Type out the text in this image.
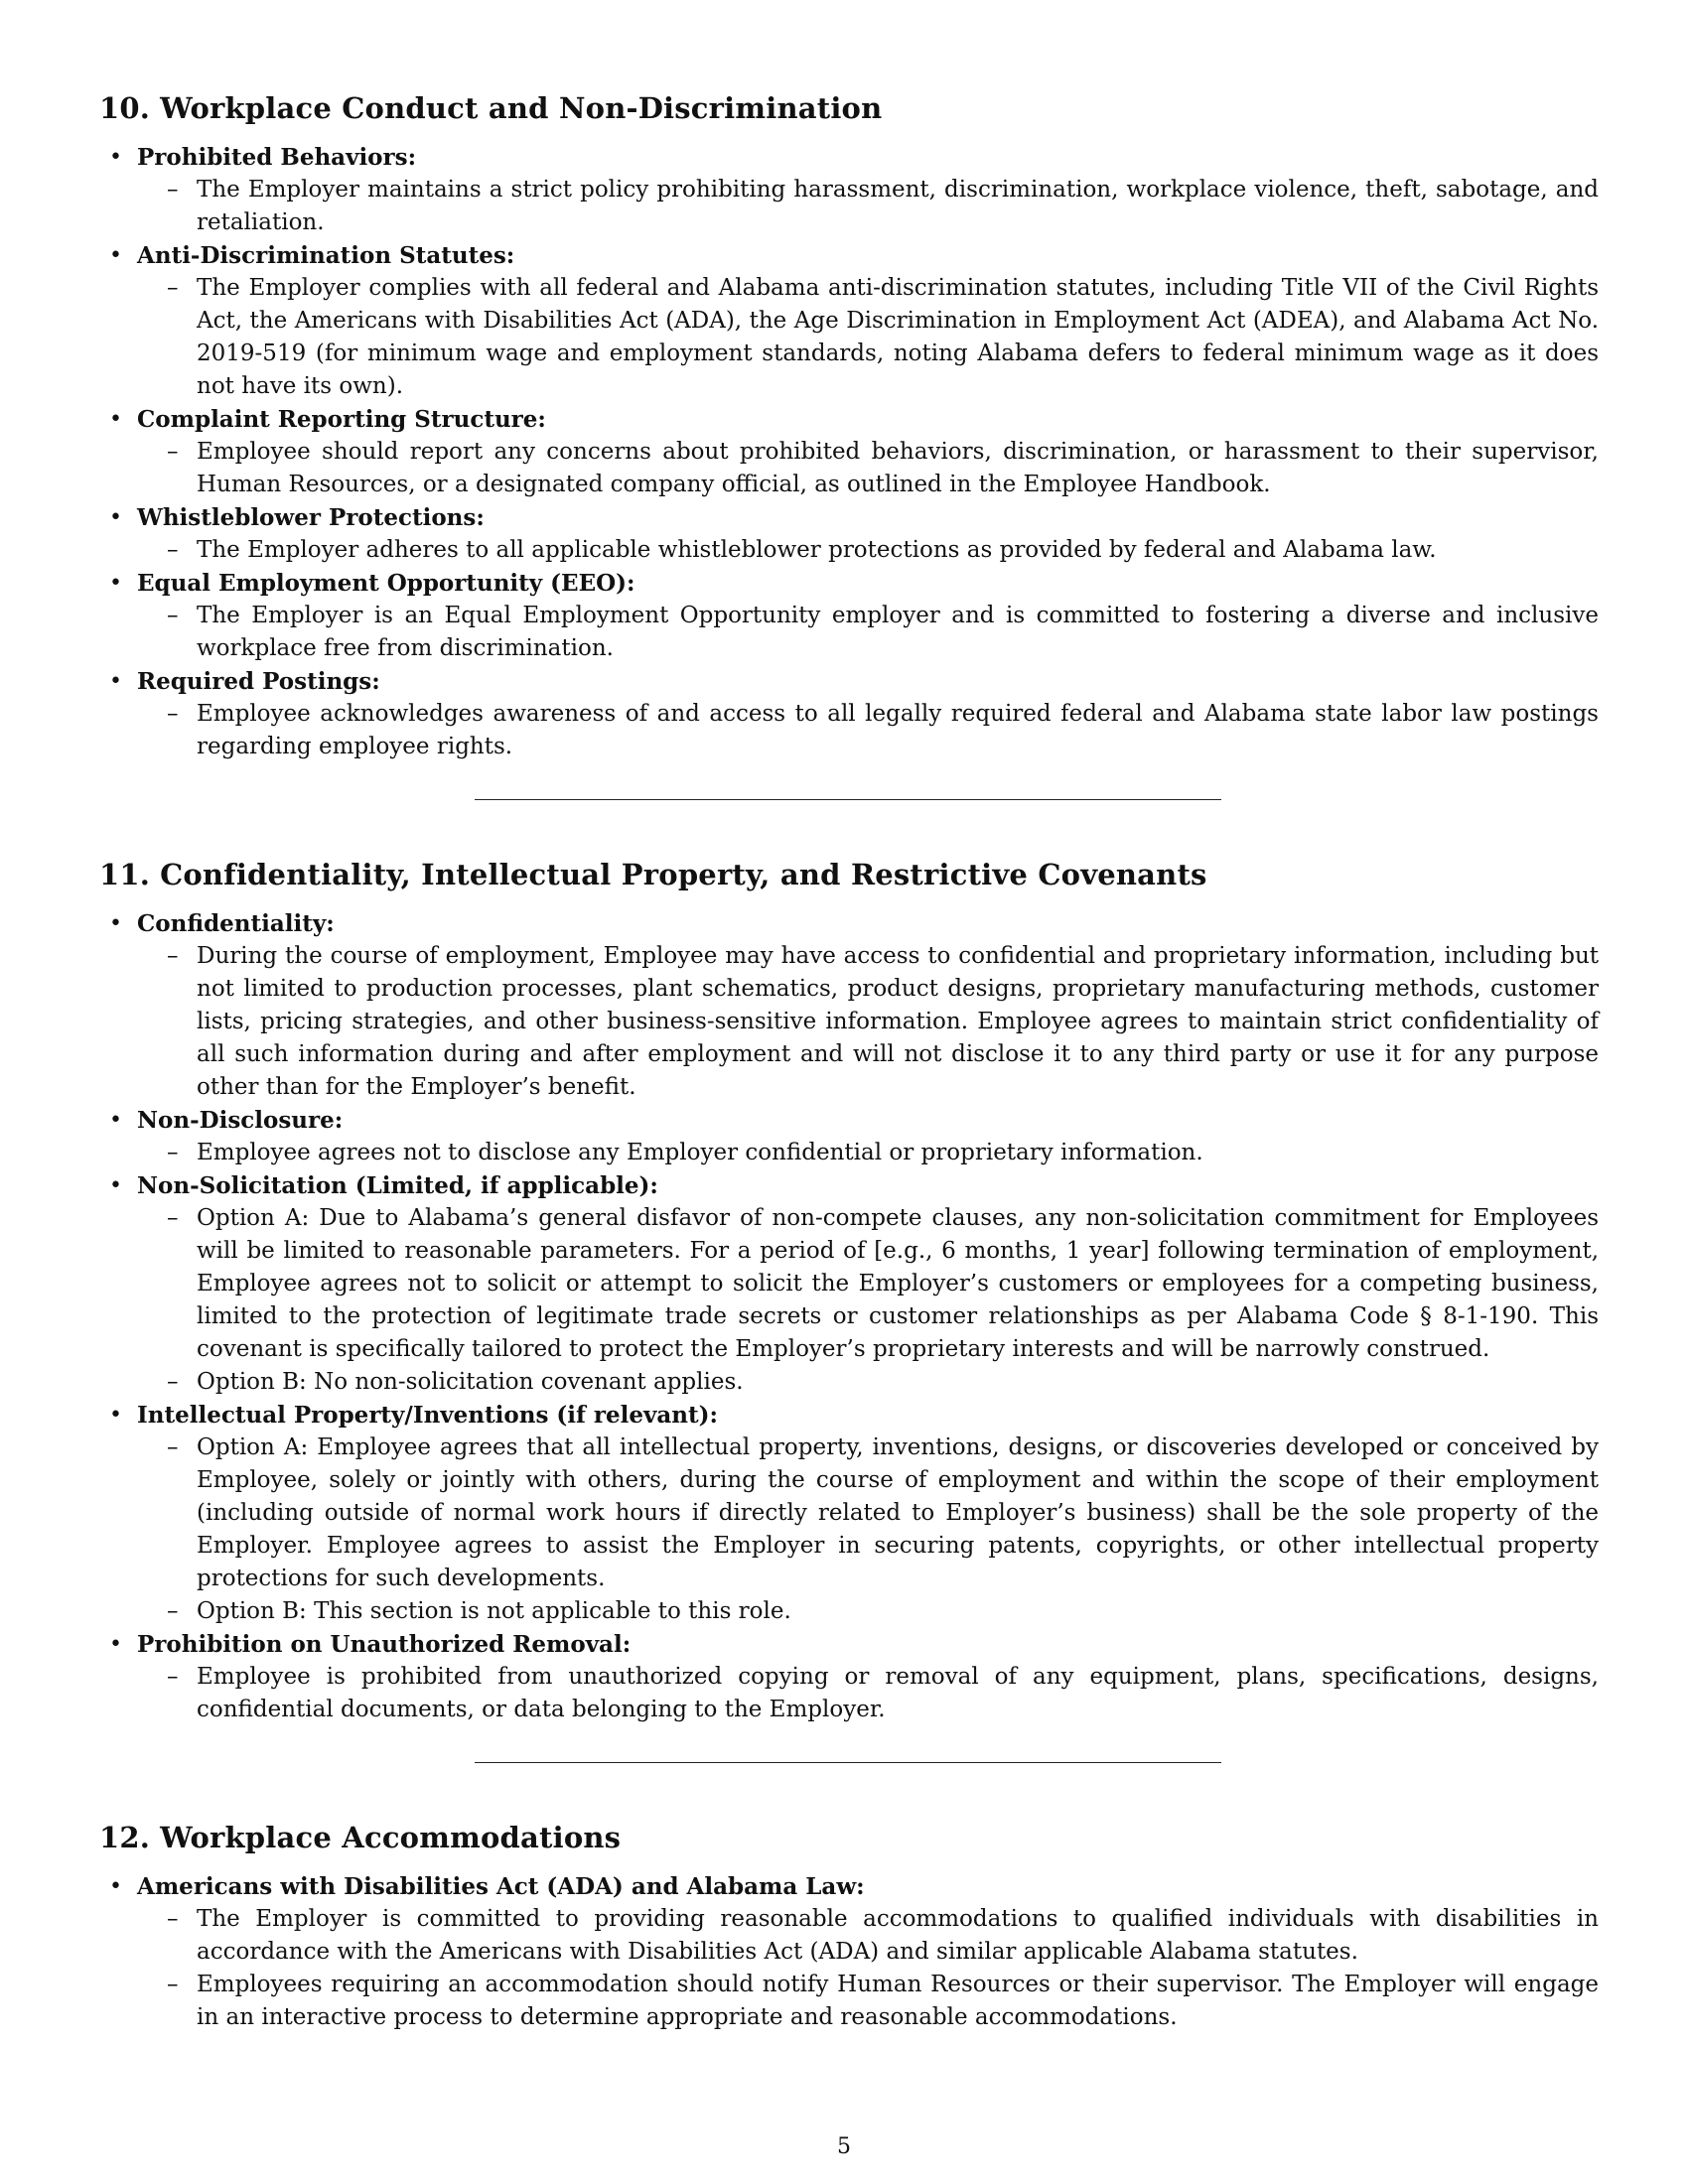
10. Workplace Conduct and Non-Discrimination
• Prohibited Behaviors:
– The Employer maintains a strict policy prohibiting harassment, discrimination, workplace violence, theft, sabotage, and retaliation.
• Anti-Discrimination Statutes:
– The Employer complies with all federal and Alabama anti-discrimination statutes, including Title VII of the Civil Rights Act, the Americans with Disabilities Act (ADA), the Age Discrimination in Employment Act (ADEA), and Alabama Act No. 2019-519 (for minimum wage and employment standards, noting Alabama defers to federal minimum wage as it does not have its own).
• Complaint Reporting Structure:
– Employee should report any concerns about prohibited behaviors, discrimination, or harassment to their supervisor, Human Resources, or a designated company official, as outlined in the Employee Handbook.
• Whistleblower Protections:
– The Employer adheres to all applicable whistleblower protections as provided by federal and Alabama law.
• Equal Employment Opportunity (EEO):
– The Employer is an Equal Employment Opportunity employer and is committed to fostering a diverse and inclusive workplace free from discrimination.
• Required Postings:
– Employee acknowledges awareness of and access to all legally required federal and Alabama state labor law postings regarding employee rights.
11. Confidentiality, Intellectual Property, and Restrictive Covenants
• Confidentiality:
– During the course of employment, Employee may have access to confidential and proprietary information, including but not limited to production processes, plant schematics, product designs, proprietary manufacturing methods, customer lists, pricing strategies, and other business-sensitive information. Employee agrees to maintain strict confidentiality of all such information during and after employment and will not disclose it to any third party or use it for any purpose other than for the Employer’s benefit.
• Non-Disclosure:
– Employee agrees not to disclose any Employer confidential or proprietary information.
• Non-Solicitation (Limited, if applicable):
– Option A: Due to Alabama’s general disfavor of non-compete clauses, any non-solicitation commitment for Employees will be limited to reasonable parameters. For a period of [e.g., 6 months, 1 year] following termination of employment, Employee agrees not to solicit or attempt to solicit the Employer’s customers or employees for a competing business, limited to the protection of legitimate trade secrets or customer relationships as per Alabama Code § 8-1-190. This covenant is specifically tailored to protect the Employer’s proprietary interests and will be narrowly construed.
– Option B: No non-solicitation covenant applies.
• Intellectual Property/Inventions (if relevant):
– Option A: Employee agrees that all intellectual property, inventions, designs, or discoveries developed or conceived by Employee, solely or jointly with others, during the course of employment and within the scope of their employment (including outside of normal work hours if directly related to Employer’s business) shall be the sole property of the Employer. Employee agrees to assist the Employer in securing patents, copyrights, or other intellectual property protections for such developments.
– Option B: This section is not applicable to this role.
• Prohibition on Unauthorized Removal:
– Employee is prohibited from unauthorized copying or removal of any equipment, plans, specifications, designs, confidential documents, or data belonging to the Employer.
12. Workplace Accommodations
• Americans with Disabilities Act (ADA) and Alabama Law:
– The Employer is committed to providing reasonable accommodations to qualified individuals with disabilities in accordance with the Americans with Disabilities Act (ADA) and similar applicable Alabama statutes.
– Employees requiring an accommodation should notify Human Resources or their supervisor. The Employer will engage in an interactive process to determine appropriate and reasonable accommodations.
5
